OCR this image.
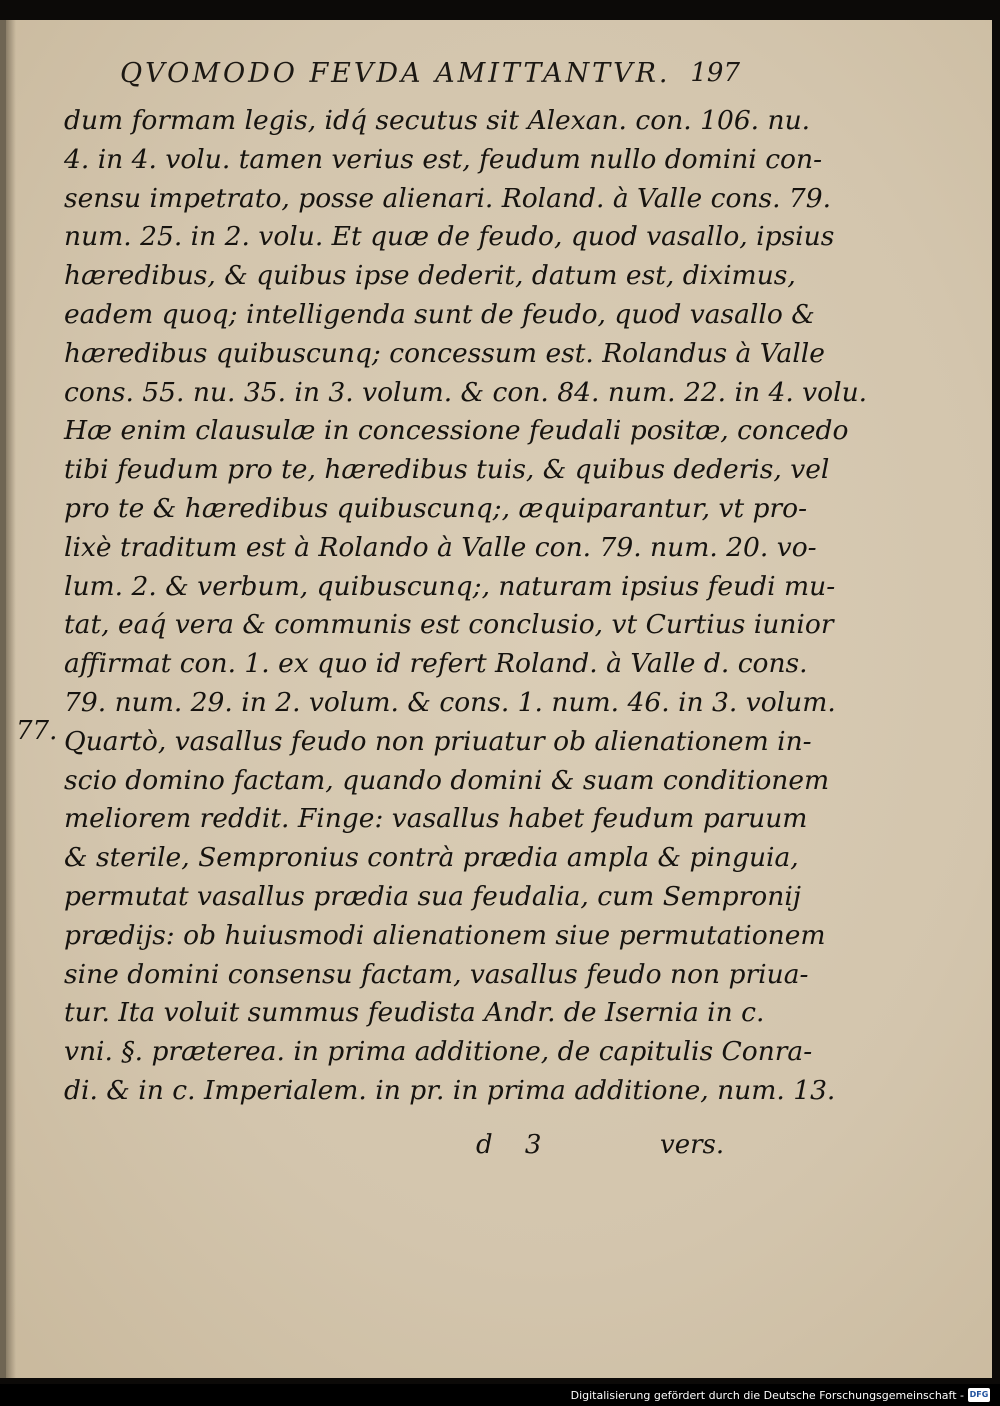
QVOMODO FEVDA AMITTANTVR. 197
77.
dum formam legis, idq́ secutus sit Alexan. con. 106. nu.
4. in 4. volu. tamen verius est, feudum nullo domini con-
sensu impetrato, posse alienari. Roland. à Valle cons. 79.
num. 25. in 2. volu. Et quæ de feudo, quod vasallo, ipsius
hæredibus, & quibus ipse dederit, datum est, diximus,
eadem quoq; intelligenda sunt de feudo, quod vasallo &
hæredibus quibuscunq; concessum est. Rolandus à Valle
cons. 55. nu. 35. in 3. volum. & con. 84. num. 22. in 4. volu.
Hæ enim clausulæ in concessione feudali positæ, concedo
tibi feudum pro te, hæredibus tuis, & quibus dederis, vel
pro te & hæredibus quibuscunq;, æquiparantur, vt pro-
lixè traditum est à Rolando à Valle con. 79. num. 20. vo-
lum. 2. & verbum, quibuscunq;, naturam ipsius feudi mu-
tat, eaq́ vera & communis est conclusio, vt Curtius iunior
affirmat con. 1. ex quo id refert Roland. à Valle d. cons.
79. num. 29. in 2. volum. & cons. 1. num. 46. in 3. volum.
Quartò, vasallus feudo non priuatur ob alienationem in-
scio domino factam, quando domini & suam conditionem
meliorem reddit. Finge: vasallus habet feudum paruum
& sterile, Sempronius contrà prædia ampla & pinguia,
permutat vasallus prædia sua feudalia, cum Sempronij
prædijs: ob huiusmodi alienationem siue permutationem
sine domini consensu factam, vasallus feudo non priua-
tur. Ita voluit summus feudista Andr. de Isernia in c.
vni. §. præterea. in prima additione, de capitulis Conra-
di. & in c. Imperialem. in pr. in prima additione, num. 13.
d 3	vers.
Digitalisierung gefördert durch die Deutsche Forschungsgemeinschaft - DFG
